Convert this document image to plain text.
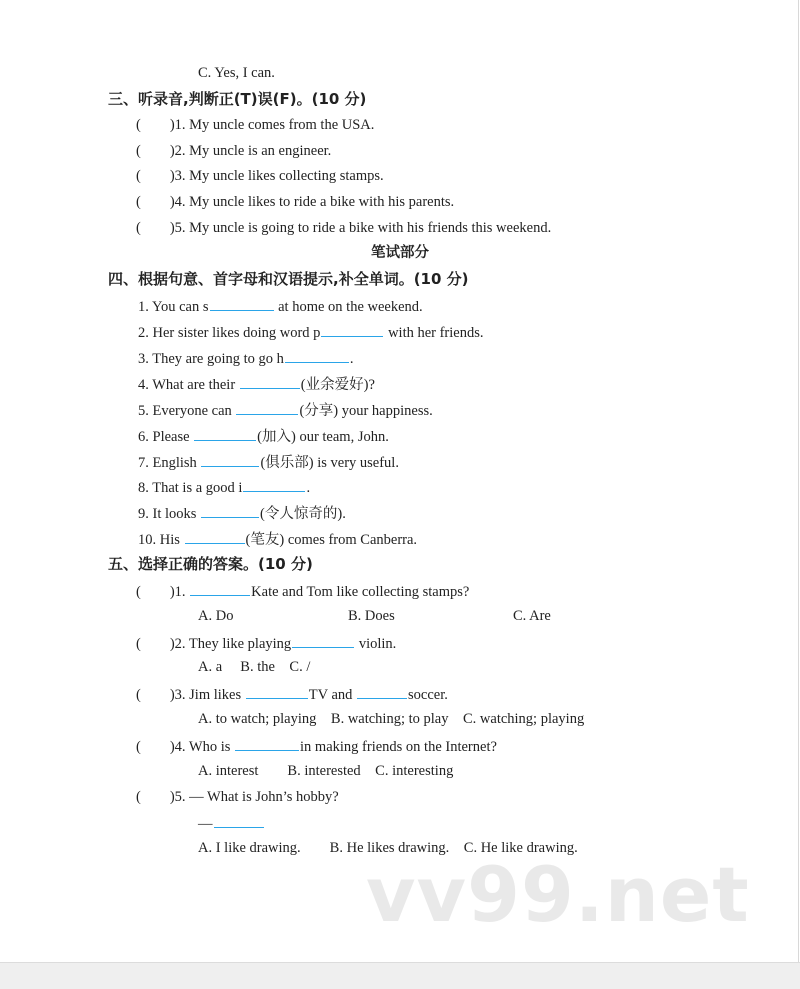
C. Yes, I can.
三、听录音,判断正(T)误(F)。(10 分)
(　　)1. My uncle comes from the USA.
(　　)2. My uncle is an engineer.
(　　)3. My uncle likes collecting stamps.
(　　)4. My uncle likes to ride a bike with his parents.
(　　)5. My uncle is going to ride a bike with his friends this weekend.
笔试部分
四、根据句意、首字母和汉语提示,补全单词。(10 分)
1. You can s	at home on the weekend.
2. Her sister likes doing word p	with her friends.
3. They are going to go h	.
4. What are their	(业余爱好)?
5. Everyone can	(分享) your happiness.
6. Please	(加入) our team, John.
7. English	(俱乐部) is very useful.
8. That is a good i	.
9. It looks	(令人惊奇的).
10. His	(笔友) comes from Canberra.
五、选择正确的答案。(10 分)
(　　)1.	Kate and Tom like collecting stamps?
A. Do	B. Does	C. Are
(　　)2. They like playing	violin.
A. a　 B. the　C. /
(　　)3. Jim likes	TV and	soccer.
A. to watch; playing　B. watching; to play　C. watching; playing
(　　)4. Who is	in making friends on the Internet?
A. interest　　B. interested　C. interesting
(　　)5. — What is John’s hobby?
—
A. I like drawing.　　B. He likes drawing.　C. He like drawing.
vv99.net
